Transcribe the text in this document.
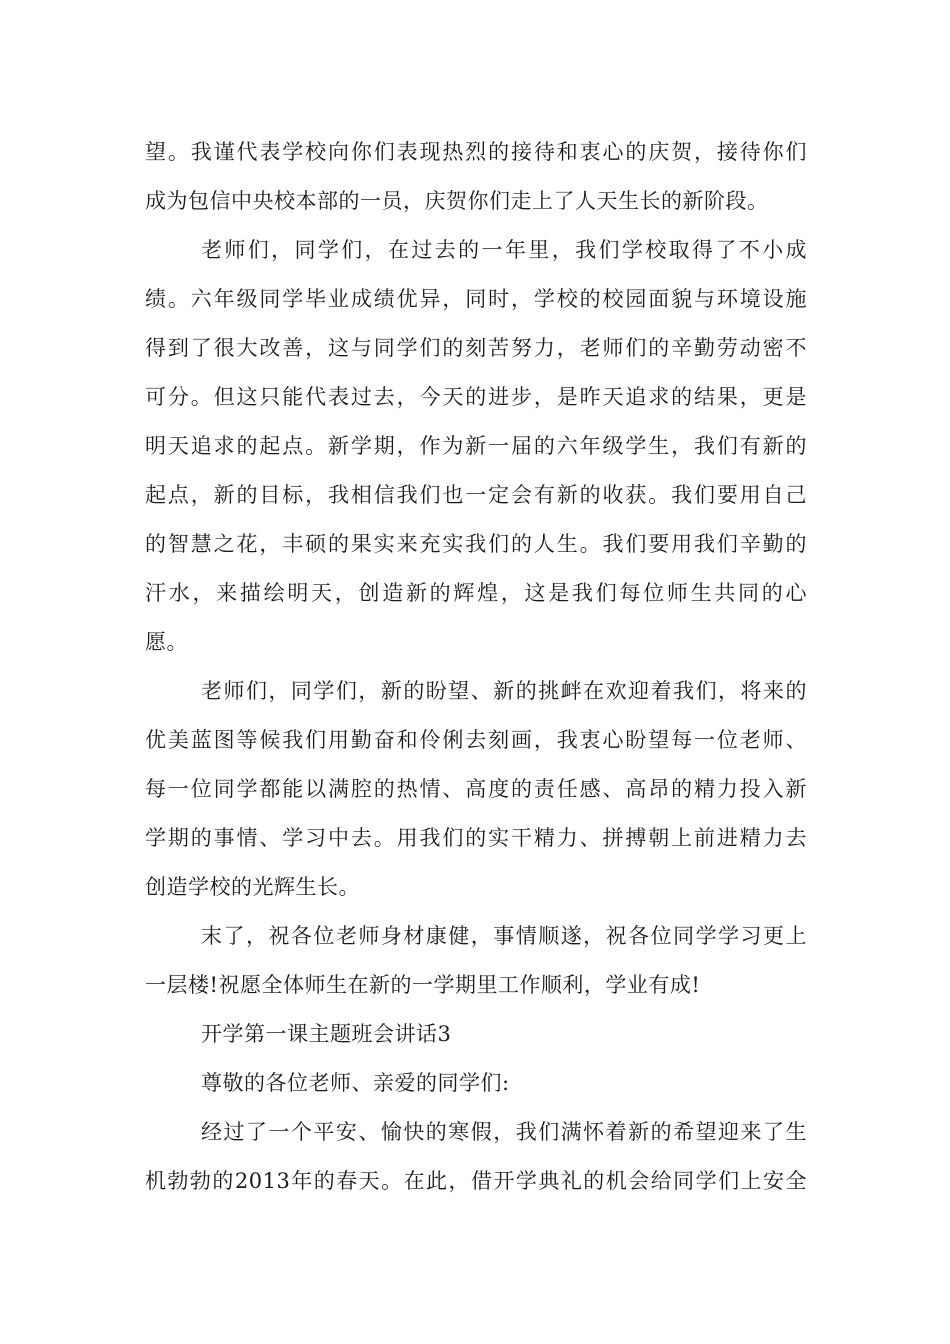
望。我谨代表学校向你们表现热烈的接待和衷心的庆贺，接待你们
成为包信中央校本部的一员，庆贺你们走上了人天生长的新阶段。
老师们，同学们，在过去的一年里，我们学校取得了不小成
绩。六年级同学毕业成绩优异，同时，学校的校园面貌与环境设施
得到了很大改善，这与同学们的刻苦努力，老师们的辛勤劳动密不
可分。但这只能代表过去，今天的进步，是昨天追求的结果，更是
明天追求的起点。新学期，作为新一届的六年级学生，我们有新的
起点，新的目标，我相信我们也一定会有新的收获。我们要用自己
的智慧之花，丰硕的果实来充实我们的人生。我们要用我们辛勤的
汗水，来描绘明天，创造新的辉煌，这是我们每位师生共同的心
愿。
老师们，同学们，新的盼望、新的挑衅在欢迎着我们，将来的
优美蓝图等候我们用勤奋和伶俐去刻画，我衷心盼望每一位老师、
每一位同学都能以满腔的热情、高度的责任感、高昂的精力投入新
学期的事情、学习中去。用我们的实干精力、拼搏朝上前进精力去
创造学校的光辉生长。
末了，祝各位老师身材康健，事情顺遂，祝各位同学学习更上
一层楼!祝愿全体师生在新的一学期里工作顺利，学业有成!
开学第一课主题班会讲话3
尊敬的各位老师、亲爱的同学们:
经过了一个平安、愉快的寒假，我们满怀着新的希望迎来了生
机勃勃的2013年的春天。在此，借开学典礼的机会给同学们上安全
